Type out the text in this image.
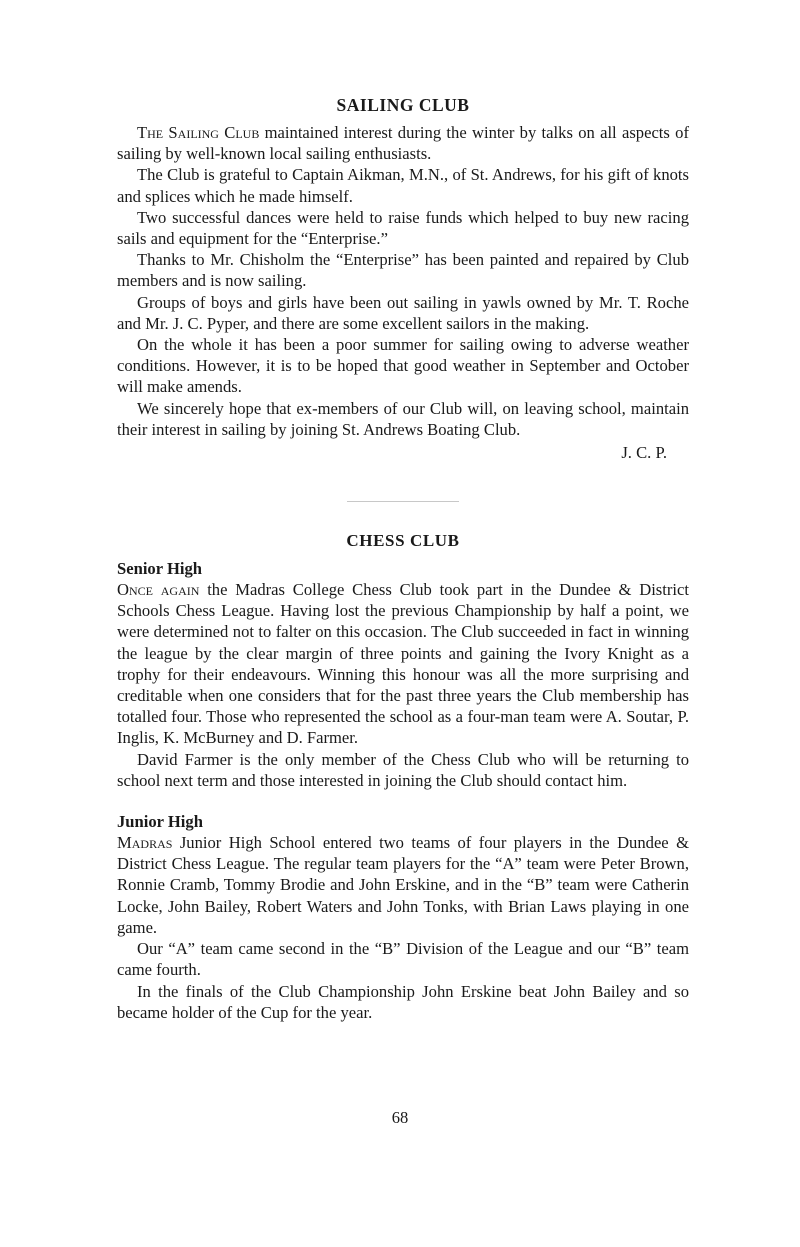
SAILING CLUB

The Sailing Club maintained interest during the winter by talks on all aspects of sailing by well-known local sailing enthusiasts.

The Club is grateful to Captain Aikman, M.N., of St. Andrews, for his gift of knots and splices which he made himself.

Two successful dances were held to raise funds which helped to buy new racing sails and equipment for the “Enterprise.”

Thanks to Mr. Chisholm the “Enterprise” has been painted and repaired by Club members and is now sailing.

Groups of boys and girls have been out sailing in yawls owned by Mr. T. Roche and Mr. J. C. Pyper, and there are some excellent sailors in the making.

On the whole it has been a poor summer for sailing owing to adverse weather conditions. However, it is to be hoped that good weather in September and October will make amends.

We sincerely hope that ex-members of our Club will, on leaving school, maintain their interest in sailing by joining St. Andrews Boating Club.

J. C. P.
CHESS CLUB
Senior High

Once again the Madras College Chess Club took part in the Dundee & District Schools Chess League. Having lost the previous Championship by half a point, we were determined not to falter on this occasion. The Club succeeded in fact in winning the league by the clear margin of three points and gaining the Ivory Knight as a trophy for their endeavours. Winning this honour was all the more surprising and creditable when one considers that for the past three years the Club membership has totalled four. Those who represented the school as a four-man team were A. Soutar, P. Inglis, K. McBurney and D. Farmer.

David Farmer is the only member of the Chess Club who will be returning to school next term and those interested in joining the Club should contact him.

Junior High

Madras Junior High School entered two teams of four players in the Dundee & District Chess League. The regular team players for the “A” team were Peter Brown, Ronnie Cramb, Tommy Brodie and John Erskine, and in the “B” team were Catherin Locke, John Bailey, Robert Waters and John Tonks, with Brian Laws playing in one game.

Our “A” team came second in the “B” Division of the League and our “B” team came fourth.

In the finals of the Club Championship John Erskine beat John Bailey and so became holder of the Cup for the year.

68
